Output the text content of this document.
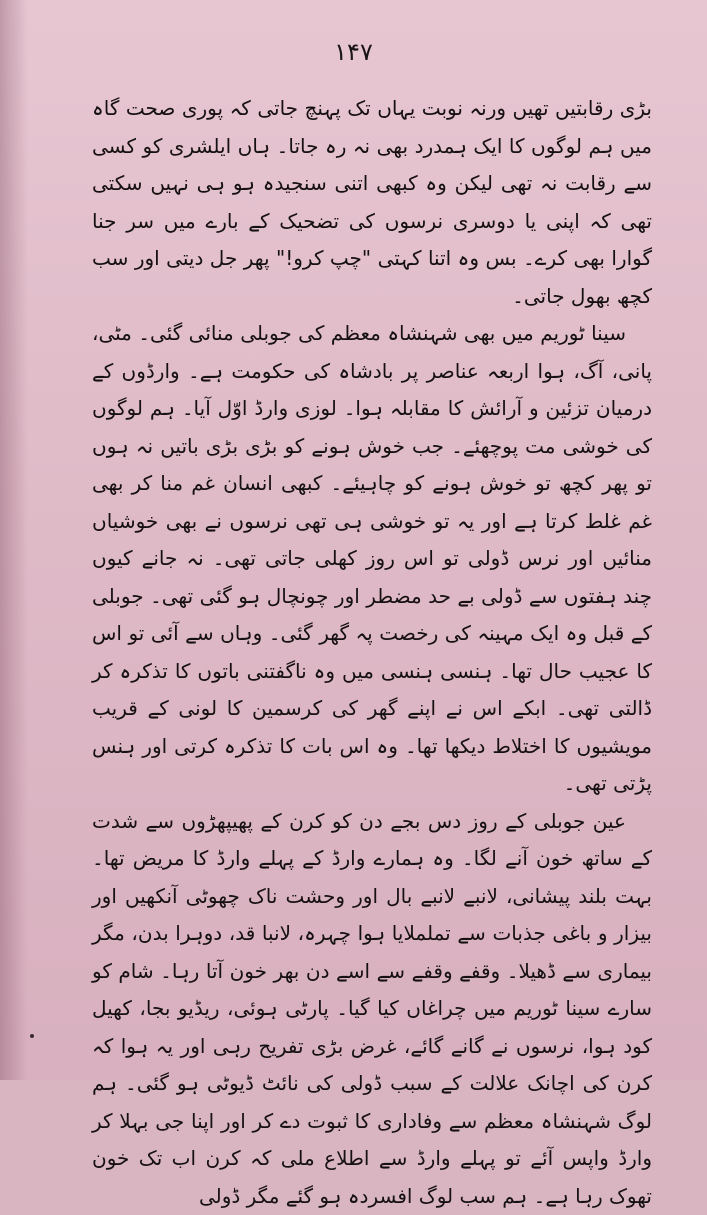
۱۴۷

بڑی رقابتیں تھیں ورنہ نوبت یہاں تک پہنچ جاتی کہ پوری صحت گاہ میں ہم لوگوں کا ایک ہمدرد بھی نہ رہ جاتا۔ ہاں ایلشری کو کسی سے رقابت نہ تھی لیکن وہ کبھی اتنی سنجیدہ ہو ہی نہیں سکتی تھی کہ اپنی یا دوسری نرسوں کی تضحیک کے بارے میں سر جنا گوارا بھی کرے۔ بس وہ اتنا کہتی "چپ کرو!" پھر جل دیتی اور سب کچھ بھول جاتی۔

سینا ٹوریم میں بھی شہنشاہ معظم کی جوبلی منائی گئی۔ مٹی، پانی، آگ، ہوا اربعہ عناصر پر بادشاہ کی حکومت ہے۔ وارڈوں کے درمیان تزئین و آرائش کا مقابلہ ہوا۔ لوزی وارڈ اوّل آیا۔ ہم لوگوں کی خوشی مت پوچھئے۔ جب خوش ہونے کو بڑی بڑی باتیں نہ ہوں تو پھر کچھ تو خوش ہونے کو چاہیئے۔ کبھی انسان غم منا کر بھی غم غلط کرتا ہے اور یہ تو خوشی ہی تھی نرسوں نے بھی خوشیاں منائیں اور نرس ڈولی تو اس روز کھلی جاتی تھی۔ نہ جانے کیوں چند ہفتوں سے ڈولی بے حد مضطر اور چونچال ہو گئی تھی۔ جوبلی کے قبل وہ ایک مہینہ کی رخصت پہ گھر گئی۔ وہاں سے آئی تو اس کا عجیب حال تھا۔ ہنسی ہنسی میں وہ ناگفتنی باتوں کا تذکرہ کر ڈالتی تھی۔ ابکے اس نے اپنے گھر کی کرسمین کا لونی کے قریب مویشیوں کا اختلاط دیکھا تھا۔ وہ اس بات کا تذکرہ کرتی اور ہنس پڑتی تھی۔

عین جوبلی کے روز دس بجے دن کو کرن کے پھیپھڑوں سے شدت کے ساتھ خون آنے لگا۔ وہ ہمارے وارڈ کے پہلے وارڈ کا مریض تھا۔ بہت بلند پیشانی، لانبے لانبے بال اور وحشت ناک چھوٹی آنکھیں اور بیزار و باغی جذبات سے تململایا ہوا چہرہ، لانبا قد، دوہرا بدن، مگر بیماری سے ڈھیلا۔ وقفے وقفے سے اسے دن بھر خون آتا رہا۔ شام کو سارے سینا ٹوریم میں چراغاں کیا گیا۔ پارٹی ہوئی، ریڈیو بجا، کھیل کود ہوا، نرسوں نے گانے گائے، غرض بڑی تفریح رہی اور یہ ہوا کہ کرن کی اچانک علالت کے سبب ڈولی کی نائٹ ڈیوٹی ہو گئی۔ ہم لوگ شہنشاہ معظم سے وفاداری کا ثبوت دے کر اور اپنا جی بہلا کر وارڈ واپس آئے تو پہلے وارڈ سے اطلاع ملی کہ کرن اب تک خون تھوک رہا ہے۔ ہم سب لوگ افسردہ ہو گئے مگر ڈولی
